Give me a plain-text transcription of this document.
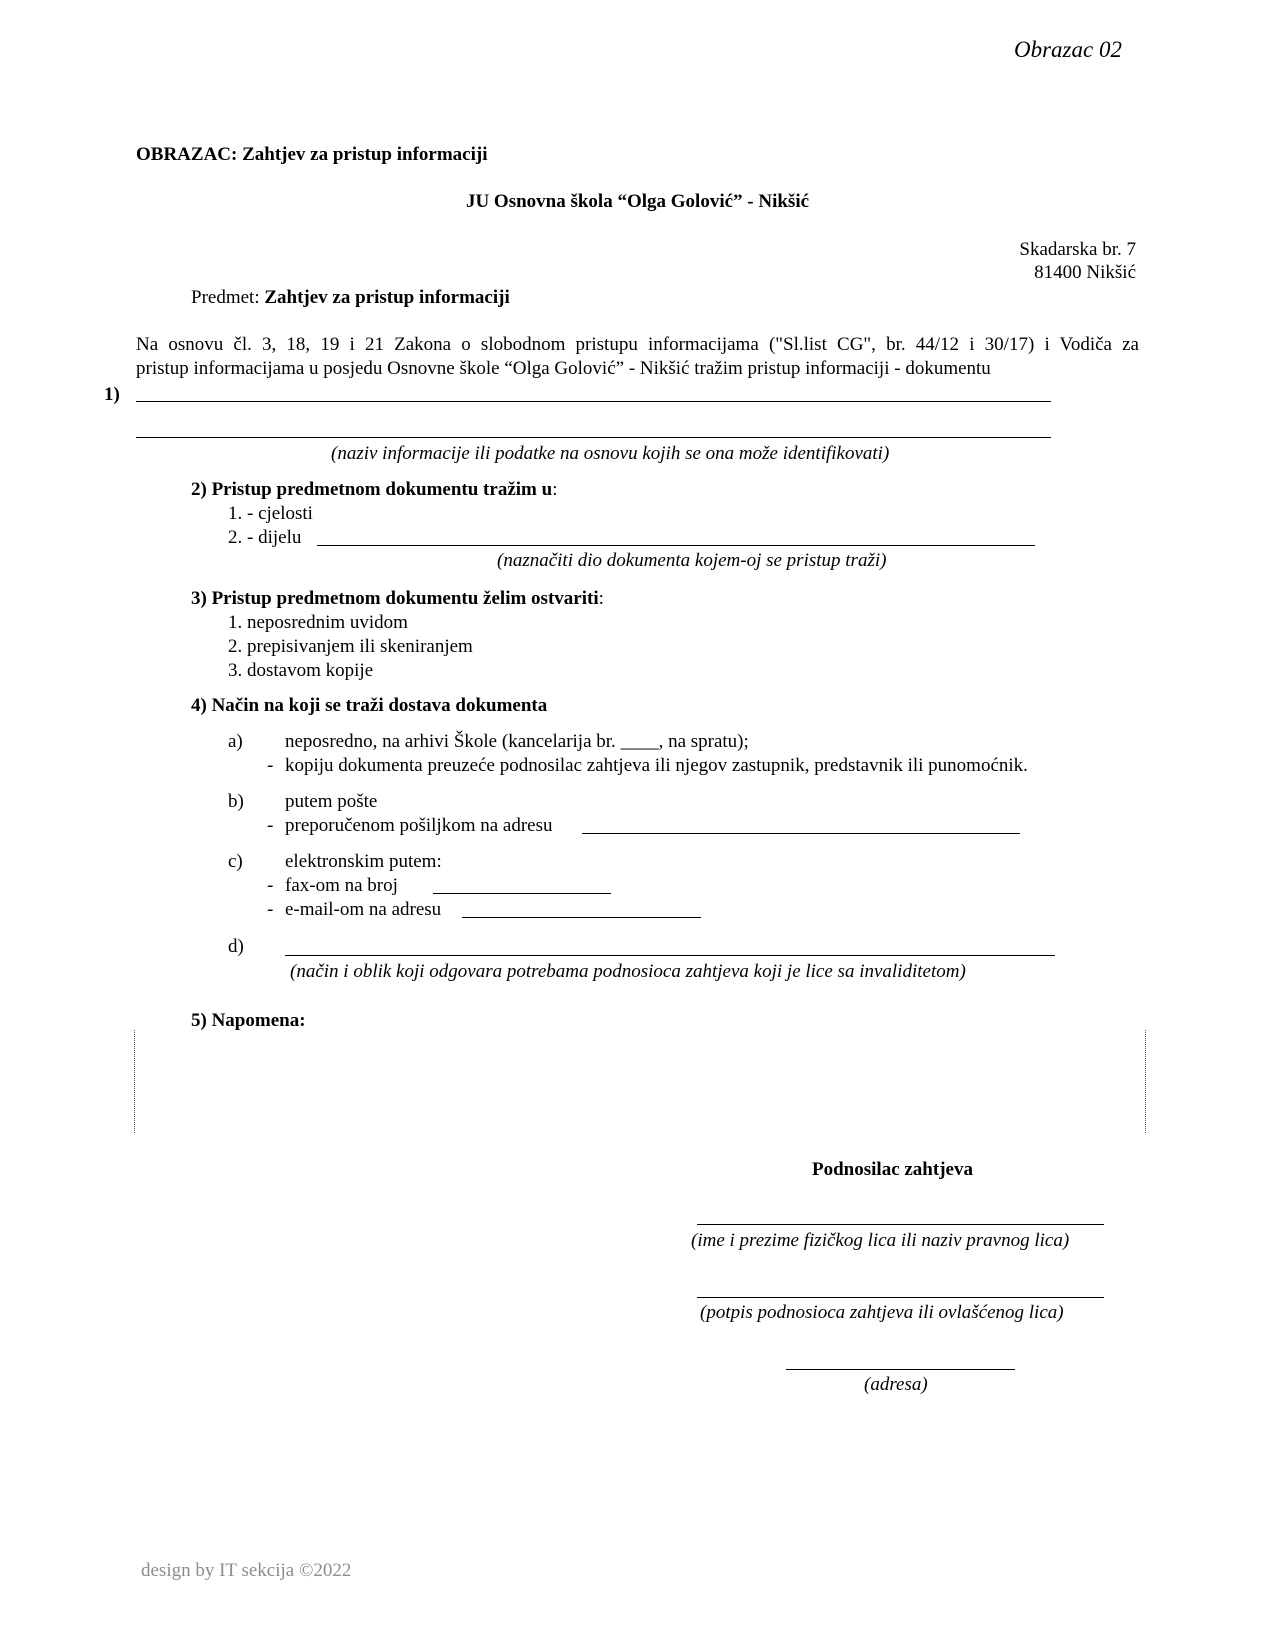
Obrazac 02
OBRAZAC: Zahtjev za pristup informaciji
JU Osnovna škola “Olga Golović” - Nikšić
Skadarska br. 7
81400 Nikšić
Predmet: Zahtjev za pristup informaciji
Na osnovu čl. 3, 18, 19 i 21 Zakona o slobodnom pristupu informacijama ("Sl.list CG", br. 44/12 i 30/17) i Vodiča za
pristup informacijama u posjedu Osnovne škole “Olga Golović” - Nikšić tražim pristup informaciji - dokumentu
1)
(naziv informacije ili podatke na osnovu kojih se ona može identifikovati)
2) Pristup predmetnom dokumentu tražim u:
1. - cjelosti
2. - dijelu
(naznačiti dio dokumenta kojem-oj se pristup traži)
3) Pristup predmetnom dokumentu želim ostvariti:
1. neposrednim uvidom
2. prepisivanjem ili skeniranjem
3. dostavom kopije
4) Način na koji se traži dostava dokumenta
a) neposredno, na arhivi Škole (kancelarija br. ____, na spratu);
- kopiju dokumenta preuzeće podnosilac zahtjeva ili njegov zastupnik, predstavnik ili punomoćnik.
b) putem pošte
- preporučenom pošiljkom na adresu
c) elektronskim putem:
- fax-om na broj
- e-mail-om na adresu
d)
(način i oblik koji odgovara potrebama podnosioca zahtjeva koji je lice sa invaliditetom)
5) Napomena:
Podnosilac zahtjeva
(ime i prezime fizičkog lica ili naziv pravnog lica)
(potpis podnosioca zahtjeva ili ovlašćenog lica)
(adresa)
design by IT sekcija ©2022
